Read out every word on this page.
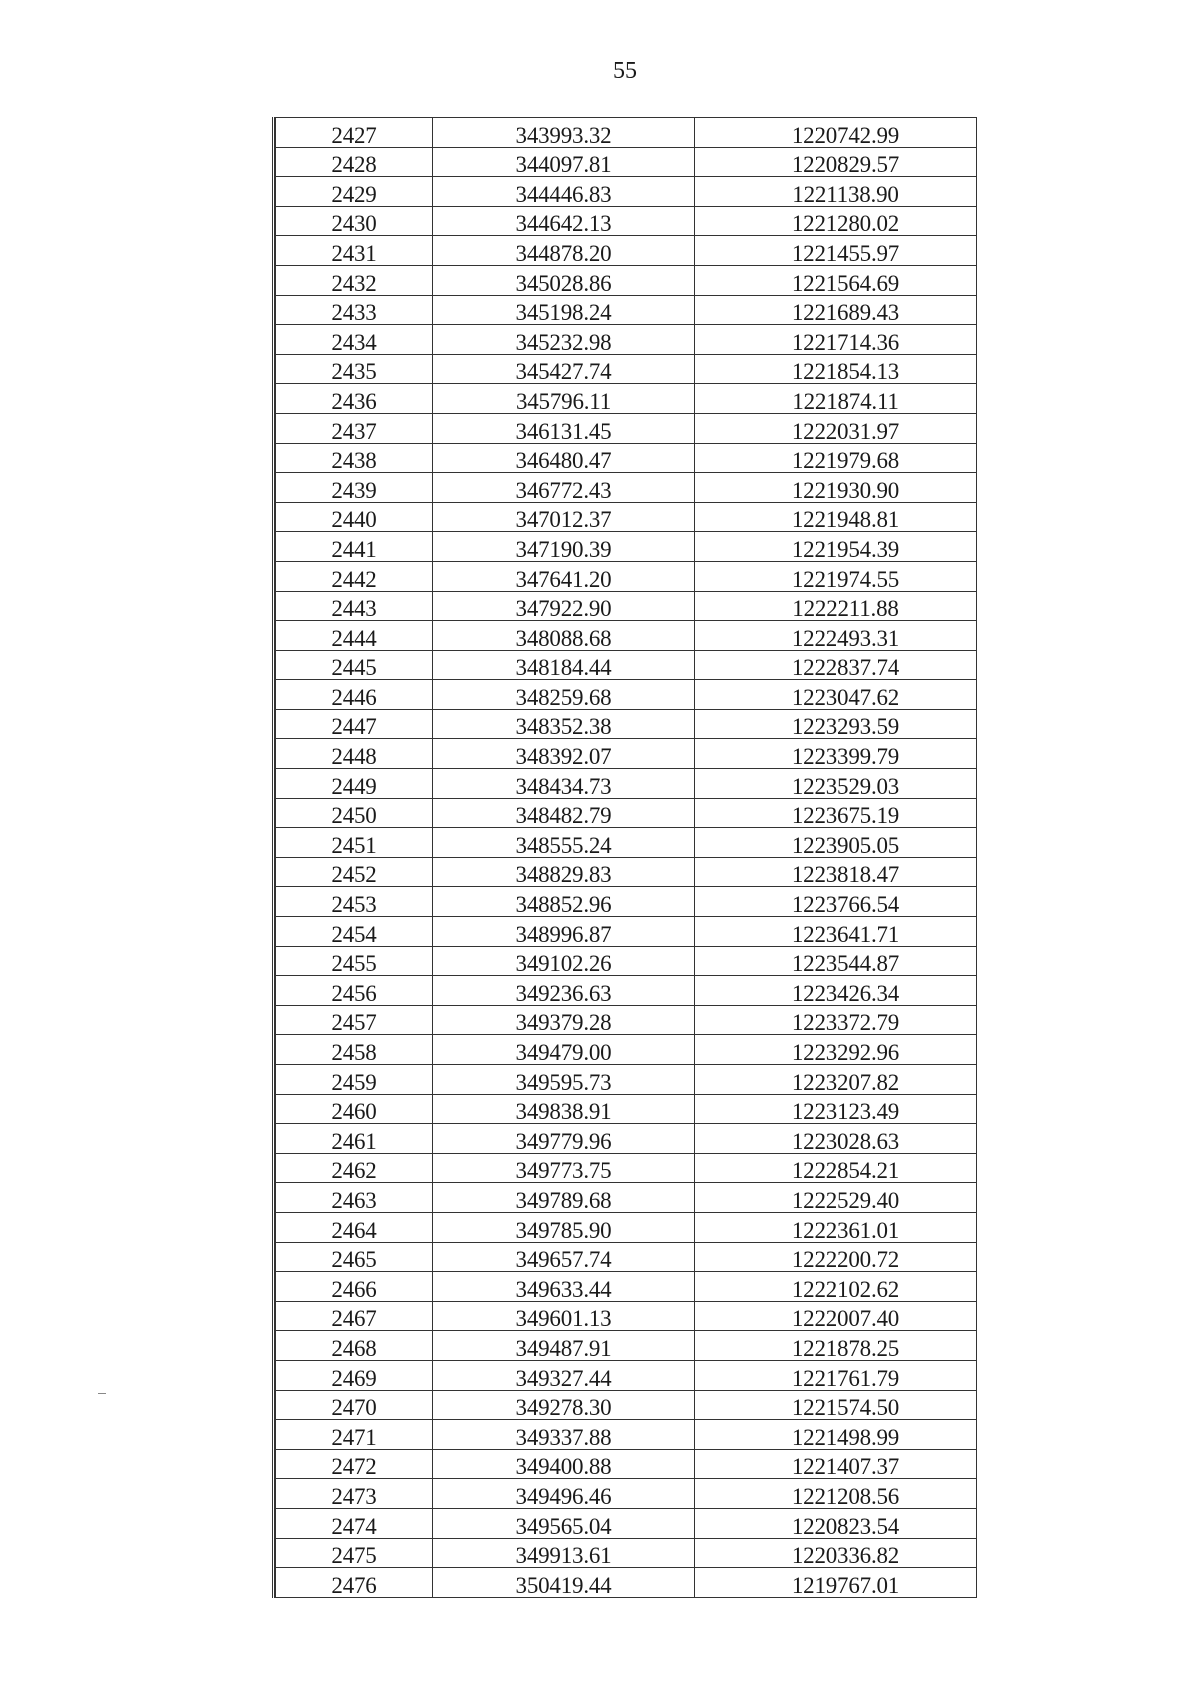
55
2427	343993.32	1220742.99
2428	344097.81	1220829.57
2429	344446.83	1221138.90
2430	344642.13	1221280.02
2431	344878.20	1221455.97
2432	345028.86	1221564.69
2433	345198.24	1221689.43
2434	345232.98	1221714.36
2435	345427.74	1221854.13
2436	345796.11	1221874.11
2437	346131.45	1222031.97
2438	346480.47	1221979.68
2439	346772.43	1221930.90
2440	347012.37	1221948.81
2441	347190.39	1221954.39
2442	347641.20	1221974.55
2443	347922.90	1222211.88
2444	348088.68	1222493.31
2445	348184.44	1222837.74
2446	348259.68	1223047.62
2447	348352.38	1223293.59
2448	348392.07	1223399.79
2449	348434.73	1223529.03
2450	348482.79	1223675.19
2451	348555.24	1223905.05
2452	348829.83	1223818.47
2453	348852.96	1223766.54
2454	348996.87	1223641.71
2455	349102.26	1223544.87
2456	349236.63	1223426.34
2457	349379.28	1223372.79
2458	349479.00	1223292.96
2459	349595.73	1223207.82
2460	349838.91	1223123.49
2461	349779.96	1223028.63
2462	349773.75	1222854.21
2463	349789.68	1222529.40
2464	349785.90	1222361.01
2465	349657.74	1222200.72
2466	349633.44	1222102.62
2467	349601.13	1222007.40
2468	349487.91	1221878.25
2469	349327.44	1221761.79
2470	349278.30	1221574.50
2471	349337.88	1221498.99
2472	349400.88	1221407.37
2473	349496.46	1221208.56
2474	349565.04	1220823.54
2475	349913.61	1220336.82
2476	350419.44	1219767.01
